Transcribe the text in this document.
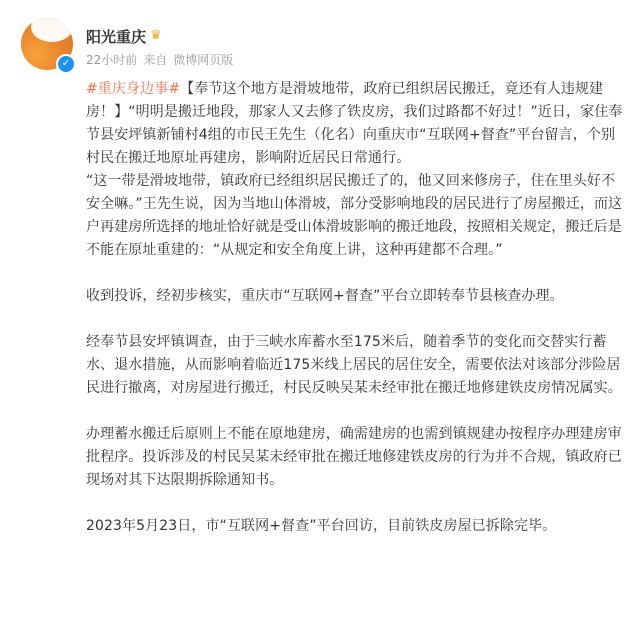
✓
阳光重庆 ♛
22小时前 来自 微博网页版

#重庆身边事#【奉节这个地方是滑坡地带，政府已组织居民搬迁，竟还有人违规建房！】“明明是搬迁地段，那家人又去修了铁皮房，我们过路都不好过！”近日，家住奉节县安坪镇新铺村4组的市民王先生（化名）向重庆市“互联网+督查”平台留言，个别村民在搬迁地原址再建房，影响附近居民日常通行。

“这一带是滑坡地带，镇政府已经组织居民搬迁了的，他又回来修房子，住在里头好不安全嘛。”王先生说，因为当地山体滑坡，部分受影响地段的居民进行了房屋搬迁，而这户再建房所选择的地址恰好就是受山体滑坡影响的搬迁地段，按照相关规定，搬迁后是不能在原址重建的：“从规定和安全角度上讲，这种再建都不合理。”

收到投诉，经初步核实，重庆市“互联网+督查”平台立即转奉节县核查办理。

经奉节县安坪镇调查，由于三峡水库蓄水至175米后，随着季节的变化而交替实行蓄水、退水措施，从而影响着临近175米线上居民的居住安全，需要依法对该部分涉险居民进行撤离，对房屋进行搬迁，村民反映吴某未经审批在搬迁地修建铁皮房情况属实。

办理蓄水搬迁后原则上不能在原地建房，确需建房的也需到镇规建办按程序办理建房审批程序。投诉涉及的村民吴某未经审批在搬迁地修建铁皮房的行为并不合规，镇政府已现场对其下达限期拆除通知书。

2023年5月23日，市“互联网+督查”平台回访，目前铁皮房屋已拆除完毕。
